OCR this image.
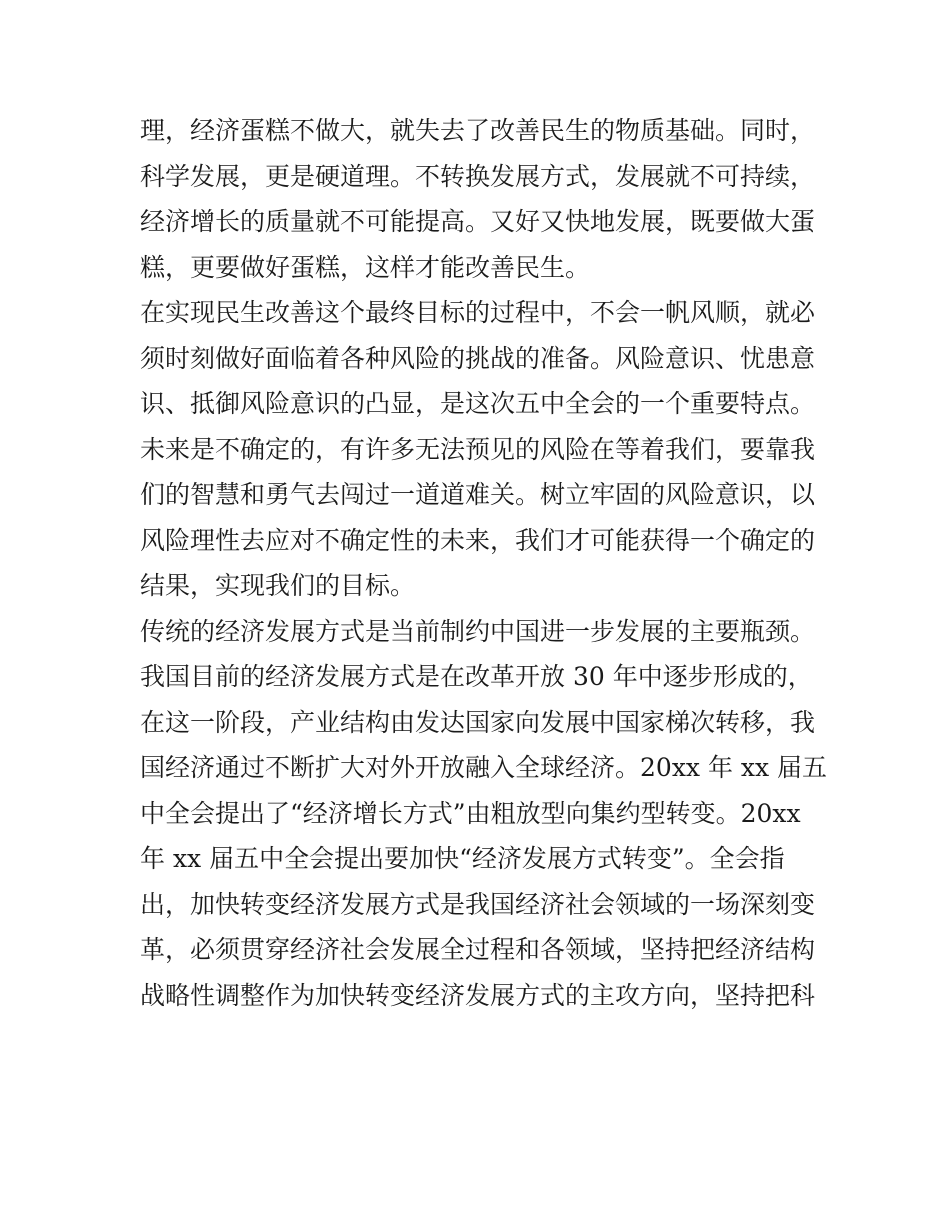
理，经济蛋糕不做大，就失去了改善民生的物质基础。同时，
科学发展，更是硬道理。不转换发展方式，发展就不可持续，
经济增长的质量就不可能提高。又好又快地发展，既要做大蛋
糕，更要做好蛋糕，这样才能改善民生。
在实现民生改善这个最终目标的过程中，不会一帆风顺，就必
须时刻做好面临着各种风险的挑战的准备。风险意识、忧患意
识、抵御风险意识的凸显，是这次五中全会的一个重要特点。
未来是不确定的，有许多无法预见的风险在等着我们，要靠我
们的智慧和勇气去闯过一道道难关。树立牢固的风险意识，以
风险理性去应对不确定性的未来，我们才可能获得一个确定的
结果，实现我们的目标。
传统的经济发展方式是当前制约中国进一步发展的主要瓶颈。
我国目前的经济发展方式是在改革开放 30 年中逐步形成的，
在这一阶段，产业结构由发达国家向发展中国家梯次转移，我
国经济通过不断扩大对外开放融入全球经济。20xx 年 xx 届五
中全会提出了“经济增长方式”由粗放型向集约型转变。20xx
年 xx 届五中全会提出要加快“经济发展方式转变”。全会指
出，加快转变经济发展方式是我国经济社会领域的一场深刻变
革，必须贯穿经济社会发展全过程和各领域，坚持把经济结构
战略性调整作为加快转变经济发展方式的主攻方向，坚持把科
